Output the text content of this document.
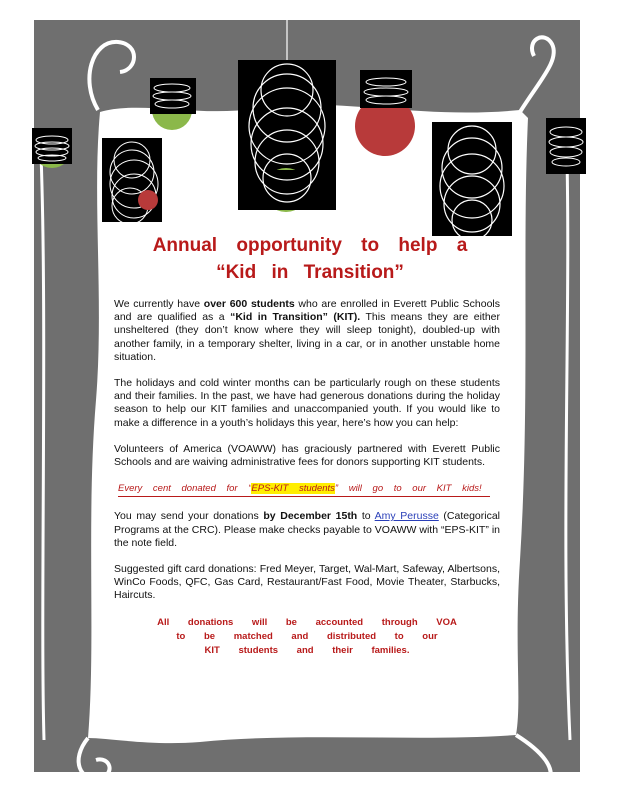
Annual opportunity to help a
“Kid in Transition”

We currently have over 600 students who are enrolled in Everett Public Schools and are qualified as a “Kid in Transition” (KIT). This means they are either unsheltered (they don’t know where they will sleep tonight), doubled-up with another family, in a temporary shelter, living in a car, or in another unstable home situation.

The holidays and cold winter months can be particularly rough on these students and their families. In the past, we have had generous donations during the holiday season to help our KIT families and unaccompanied youth. If you would like to make a difference in a youth’s holidays this year, here’s how you can help:

Volunteers of America (VOAWW) has graciously partnered with Everett Public Schools and are waiving administrative fees for donors supporting KIT students.

Every cent donated for “EPS-KIT students” will go to our KIT kids!

You may send your donations by December 15th to Amy Perusse (Categorical Programs at the CRC). Please make checks payable to VOAWW with “EPS-KIT” in the note field.

Suggested gift card donations: Fred Meyer, Target, Wal-Mart, Safeway, Albertsons, WinCo Foods, QFC, Gas Card, Restaurant/Fast Food, Movie Theater, Starbucks, Haircuts.

All donations will be accounted through VOA
to be matched and distributed to our
KIT students and their families.
